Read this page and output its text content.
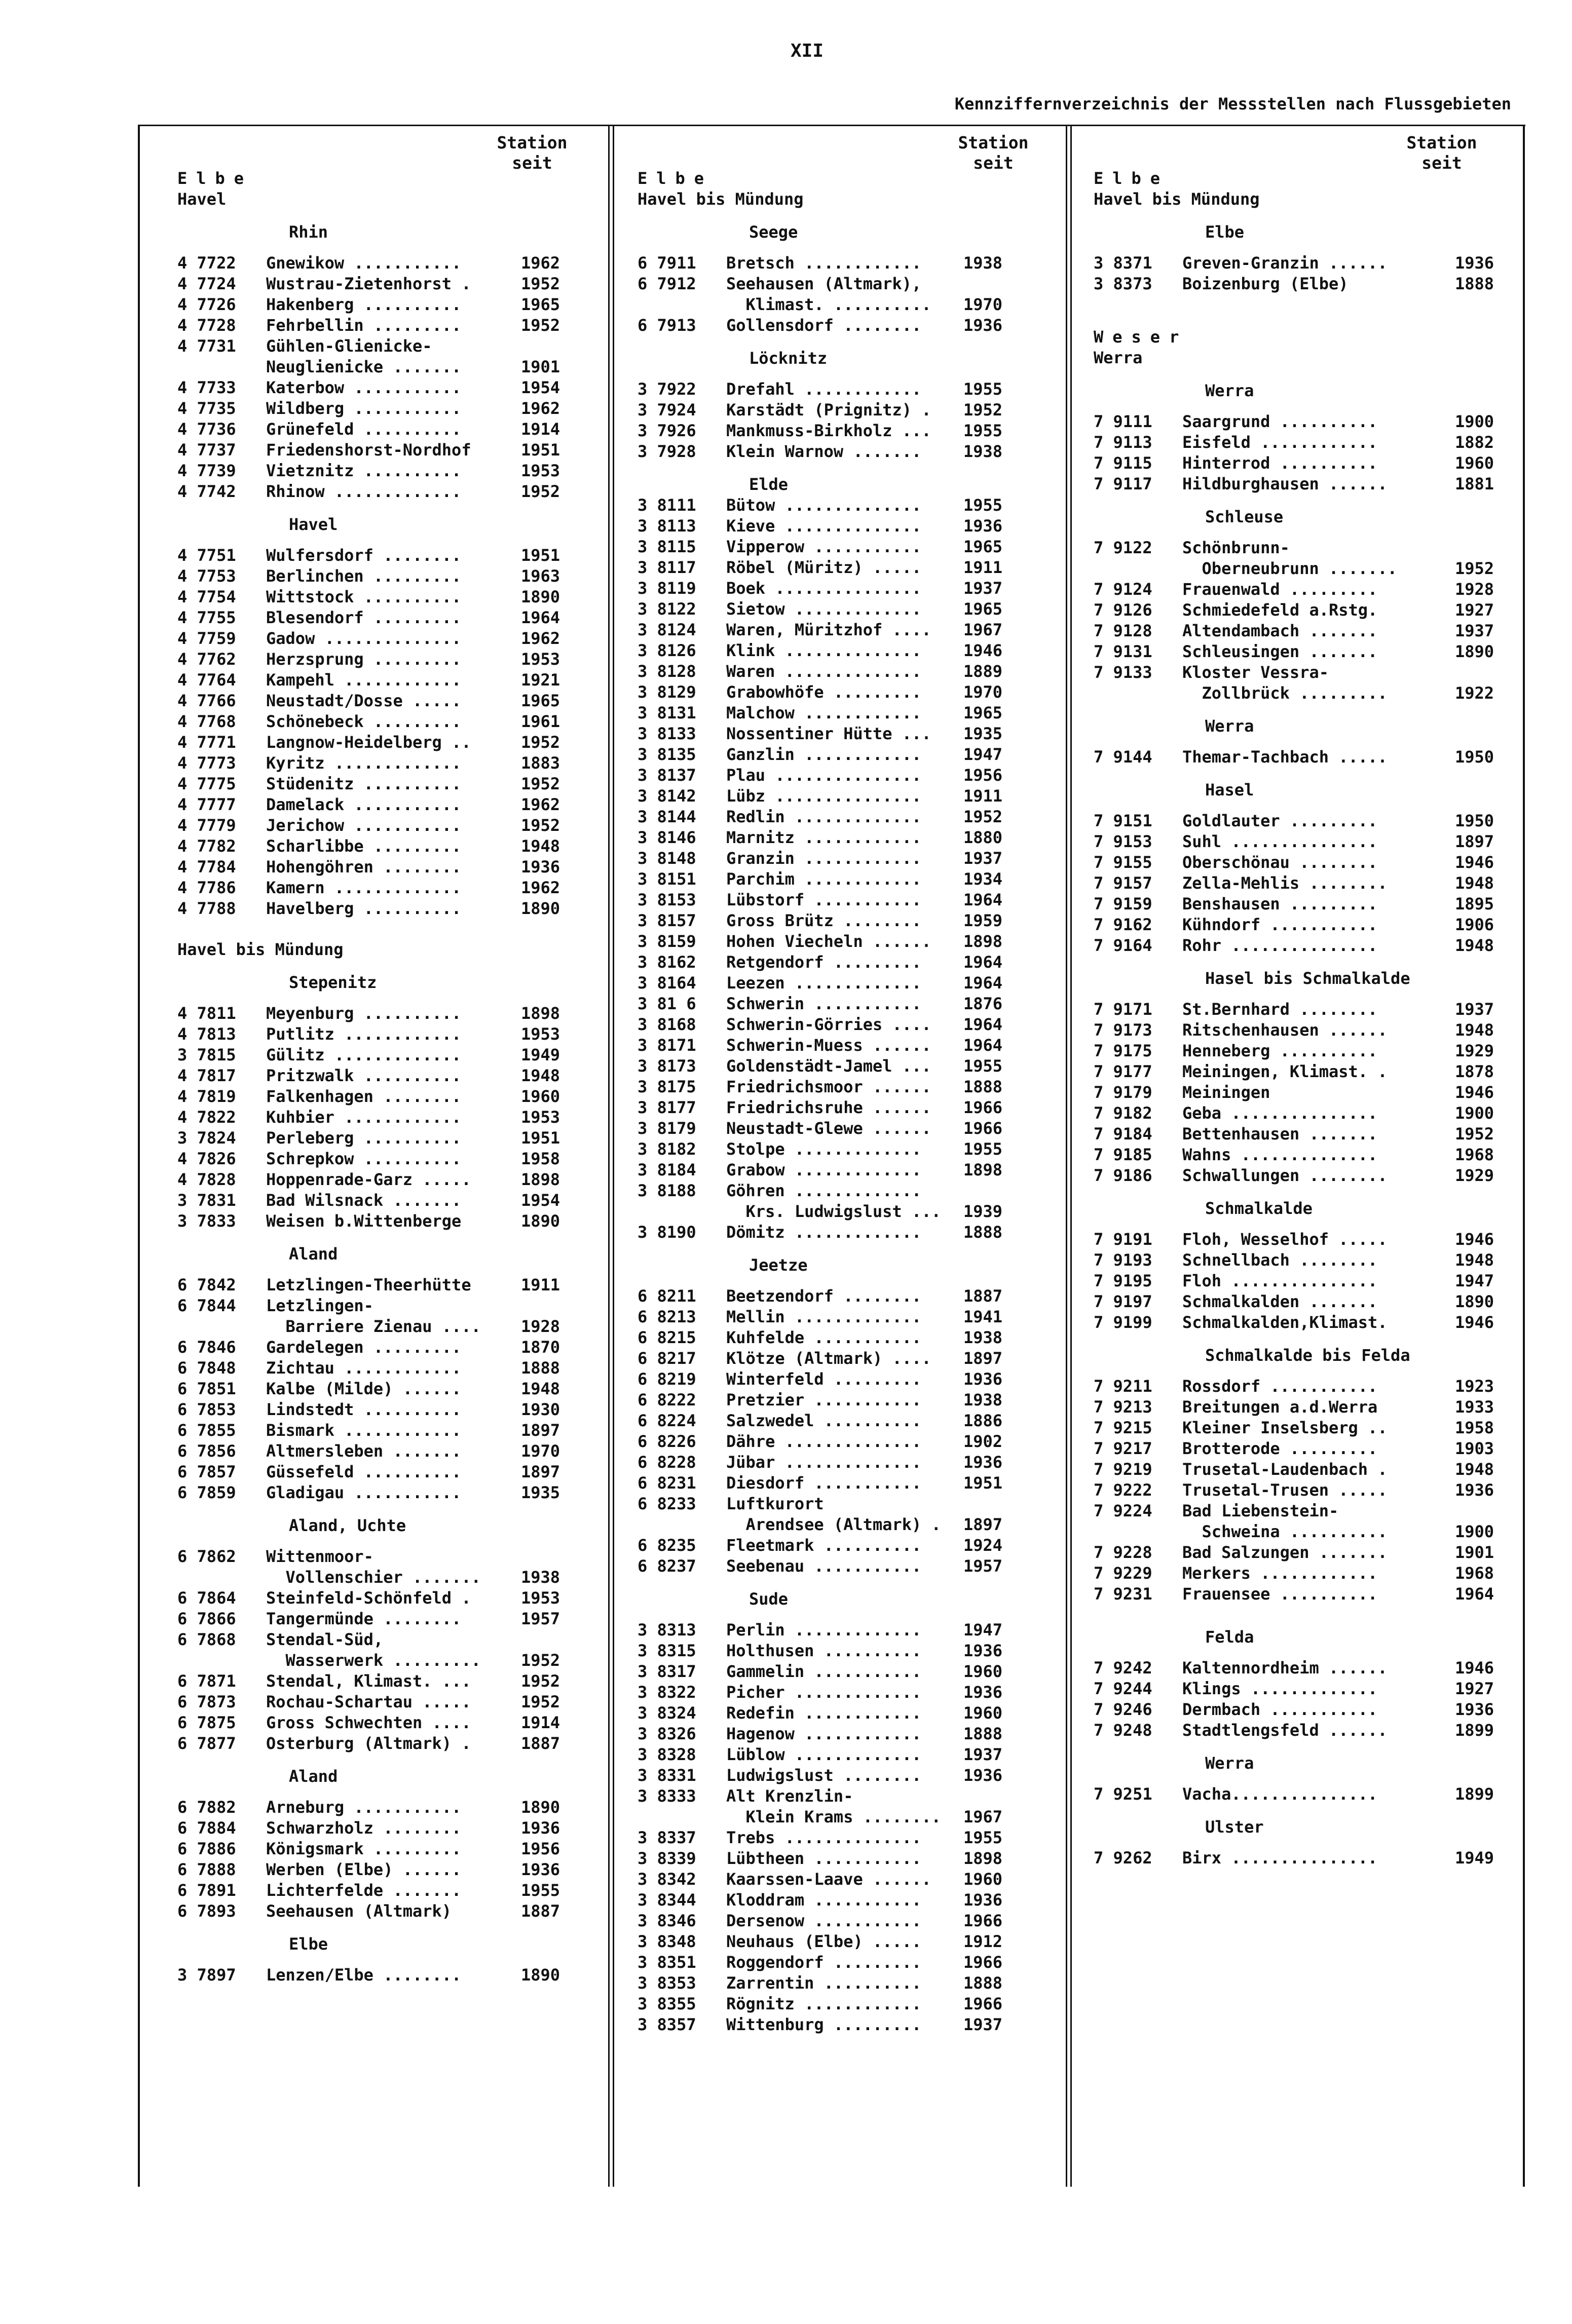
XII
Kennziffernverzeichnis der Messstellen nach Flussgebieten
Station
seit
Station
seit
Station
seit
Elbe
Havel
Rhin
4 7722 Gnewikow ...........	1962
4 7724 Wustrau-Zietenhorst .	1952
4 7726 Hakenberg ..........	1965
4 7728 Fehrbellin .........	1952
4 7731 Gühlen-Glienicke-
Neuglienicke .......	1901
4 7733 Katerbow ...........	1954
4 7735 Wildberg ...........	1962
4 7736 Grünefeld ..........	1914
4 7737 Friedenshorst-Nordhof	1951
4 7739 Vietznitz ..........	1953
4 7742 Rhinow .............	1952
Havel
4 7751 Wulfersdorf ........	1951
4 7753 Berlinchen .........	1963
4 7754 Wittstock ..........	1890
4 7755 Blesendorf .........	1964
4 7759 Gadow ..............	1962
4 7762 Herzsprung .........	1953
4 7764 Kampehl ............	1921
4 7766 Neustadt/Dosse .....	1965
4 7768 Schönebeck .........	1961
4 7771 Langnow-Heidelberg ..	1952
4 7773 Kyritz .............	1883
4 7775 Stüdenitz ..........	1952
4 7777 Damelack ...........	1962
4 7779 Jerichow ...........	1952
4 7782 Scharlibbe .........	1948
4 7784 Hohengöhren ........	1936
4 7786 Kamern .............	1962
4 7788 Havelberg ..........	1890
Havel bis Mündung
Stepenitz
4 7811 Meyenburg ..........	1898
4 7813 Putlitz ............	1953
3 7815 Gülitz .............	1949
4 7817 Pritzwalk ..........	1948
4 7819 Falkenhagen ........	1960
4 7822 Kuhbier ............	1953
3 7824 Perleberg ..........	1951
4 7826 Schrepkow ..........	1958
4 7828 Hoppenrade-Garz .....	1898
3 7831 Bad Wilsnack .......	1954
3 7833 Weisen b.Wittenberge	1890
Aland
6 7842 Letzlingen-Theerhütte	1911
6 7844 Letzlingen-
Barriere Zienau .... 1928
6 7846 Gardelegen .........	1870
6 7848 Zichtau ............	1888
6 7851 Kalbe (Milde) ......	1948
6 7853 Lindstedt ..........	1930
6 7855 Bismark ............	1897
6 7856 Altmersleben .......	1970
6 7857 Güssefeld ..........	1897
6 7859 Gladigau ...........	1935
Aland, Uchte
6 7862 Wittenmoor-
Vollenschier ....... 1938
6 7864 Steinfeld-Schönfeld .	1953
6 7866 Tangermünde ........	1957
6 7868 Stendal-Süd,
Wasserwerk ......... 1952
6 7871 Stendal, Klimast. ...	1952
6 7873 Rochau-Schartau .....	1952
6 7875 Gross Schwechten ....	1914
6 7877 Osterburg (Altmark) .	1887
Aland
6 7882 Arneburg ...........	1890
6 7884 Schwarzholz ........	1936
6 7886 Königsmark .........	1956
6 7888 Werben (Elbe) ......	1936
6 7891 Lichterfelde .......	1955
6 7893 Seehausen (Altmark)	1887
Elbe
3 7897 Lenzen/Elbe ........	1890
Elbe
Havel bis Mündung
Seege
6 7911 Bretsch ............	1938
6 7912 Seehausen (Altmark),
Klimast. .......... 1970
6 7913 Gollensdorf ........	1936
Löcknitz
3 7922 Drefahl ............	1955
3 7924 Karstädt (Prignitz) . 1952
3 7926 Mankmuss-Birkholz ... 1955
3 7928 Klein Warnow .......	1938
Elde
3 8111 Bütow ..............	1955
3 8113 Kieve ..............	1936
3 8115 Vipperow ...........	1965
3 8117 Röbel (Müritz) .....	1911
3 8119 Boek ...............	1937
3 8122 Sietow .............	1965
3 8124 Waren, Müritzhof .... 1967
3 8126 Klink ..............	1946
3 8128 Waren ..............	1889
3 8129 Grabowhöfe .........	1970
3 8131 Malchow ............	1965
3 8133 Nossentiner Hütte ... 1935
3 8135 Ganzlin ............	1947
3 8137 Plau ...............	1956
3 8142 Lübz ...............	1911
3 8144 Redlin .............	1952
3 8146 Marnitz ............	1880
3 8148 Granzin ............	1937
3 8151 Parchim ............	1934
3 8153 Lübstorf ...........	1964
3 8157 Gross Brütz ........	1959
3 8159 Hohen Viecheln ...... 1898
3 8162 Retgendorf .........	1964
3 8164 Leezen .............	1964
3 81 6 Schwerin ...........	1876
3 8168 Schwerin-Görries .... 1964
3 8171 Schwerin-Muess ...... 1964
3 8173 Goldenstädt-Jamel ... 1955
3 8175 Friedrichsmoor ...... 1888
3 8177 Friedrichsruhe ...... 1966
3 8179 Neustadt-Glewe ...... 1966
3 8182 Stolpe .............	1955
3 8184 Grabow .............	1898
3 8188 Göhren .............
Krs. Ludwigslust ... 1939
3 8190 Dömitz .............	1888
Jeetze
6 8211 Beetzendorf ........	1887
6 8213 Mellin .............	1941
6 8215 Kuhfelde ...........	1938
6 8217 Klötze (Altmark) .... 1897
6 8219 Winterfeld .........	1936
6 8222 Pretzier ...........	1938
6 8224 Salzwedel ..........	1886
6 8226 Dähre ..............	1902
6 8228 Jübar ..............	1936
6 8231 Diesdorf ...........	1951
6 8233 Luftkurort
Arendsee (Altmark) . 1897
6 8235 Fleetmark ..........	1924
6 8237 Seebenau ...........	1957
Sude
3 8313 Perlin .............	1947
3 8315 Holthusen ..........	1936
3 8317 Gammelin ...........	1960
3 8322 Picher .............	1936
3 8324 Redefin ............	1960
3 8326 Hagenow ............	1888
3 8328 Lüblow .............	1937
3 8331 Ludwigslust ........	1936
3 8333 Alt Krenzlin-
Klein Krams ........ 1967
3 8337 Trebs ..............	1955
3 8339 Lübtheen ...........	1898
3 8342 Kaarssen-Laave ...... 1960
3 8344 Kloddram ...........	1936
3 8346 Dersenow ...........	1966
3 8348 Neuhaus (Elbe) .....	1912
3 8351 Roggendorf .........	1966
3 8353 Zarrentin ..........	1888
3 8355 Rögnitz ............	1966
3 8357 Wittenburg .........	1937
Elbe
Havel bis Mündung
Elbe
3 8371 Greven-Granzin ......	1936
3 8373 Boizenburg (Elbe)	1888
Weser
Werra
Werra
7 9111 Saargrund ..........	1900
7 9113 Eisfeld ............	1882
7 9115 Hinterrod ..........	1960
7 9117 Hildburghausen ......	1881
Schleuse
7 9122 Schönbrunn-
Oberneubrunn .......	1952
7 9124 Frauenwald .........	1928
7 9126 Schmiedefeld a.Rstg.	1927
7 9128 Altendambach .......	1937
7 9131 Schleusingen .......	1890
7 9133 Kloster Vessra-
Zollbrück .........	1922
Werra
7 9144 Themar-Tachbach .....	1950
Hasel
7 9151 Goldlauter .........	1950
7 9153 Suhl ...............	1897
7 9155 Oberschönau ........	1946
7 9157 Zella-Mehlis ........	1948
7 9159 Benshausen .........	1895
7 9162 Kühndorf ...........	1906
7 9164 Rohr ...............	1948
Hasel bis Schmalkalde
7 9171 St.Bernhard ........	1937
7 9173 Ritschenhausen ......	1948
7 9175 Henneberg ..........	1929
7 9177 Meiningen, Klimast. .	1878
7 9179 Meiningen	1946
7 9182 Geba ...............	1900
7 9184 Bettenhausen .......	1952
7 9185 Wahns ..............	1968
7 9186 Schwallungen ........	1929
Schmalkalde
7 9191 Floh, Wesselhof .....	1946
7 9193 Schnellbach ........	1948
7 9195 Floh ...............	1947
7 9197 Schmalkalden .......	1890
7 9199 Schmalkalden,Klimast.	1946
Schmalkalde bis Felda
7 9211 Rossdorf ...........	1923
7 9213 Breitungen a.d.Werra	1933
7 9215 Kleiner Inselsberg ..	1958
7 9217 Brotterode .........	1903
7 9219 Trusetal-Laudenbach .	1948
7 9222 Trusetal-Trusen .....	1936
7 9224 Bad Liebenstein-
Schweina ..........	1900
7 9228 Bad Salzungen .......	1901
7 9229 Merkers ............	1968
7 9231 Frauensee ..........	1964
Felda
7 9242 Kaltennordheim ......	1946
7 9244 Klings .............	1927
7 9246 Dermbach ...........	1936
7 9248 Stadtlengsfeld ......	1899
Werra
7 9251 Vacha...............	1899
Ulster
7 9262 Birx ...............	1949
